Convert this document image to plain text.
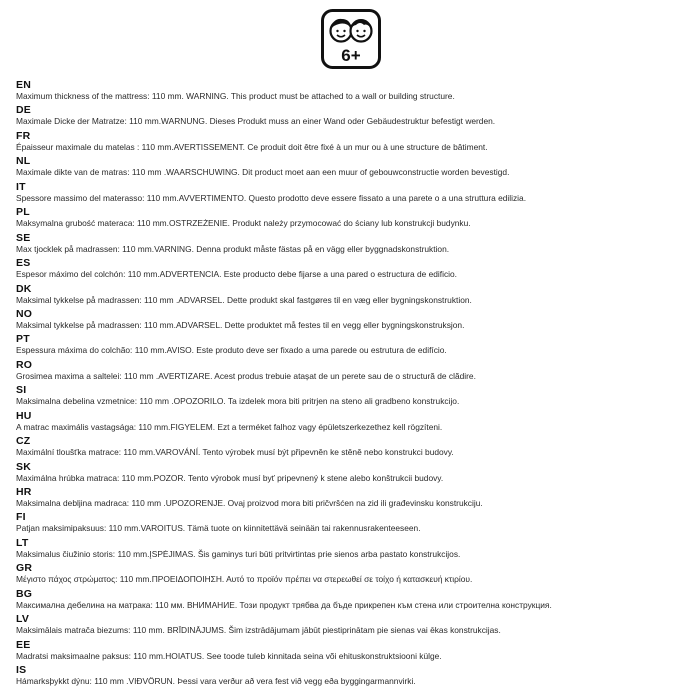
6+
EN
Maximum thickness of the mattress: 110 mm. WARNING. This product must be attached to a wall or building structure.
DE
Maximale Dicke der Matratze: 110 mm.WARNUNG. Dieses Produkt muss an einer Wand oder Gebäudestruktur befestigt werden.
FR
Épaisseur maximale du matelas : 110 mm.AVERTISSEMENT. Ce produit doit être fixé à un mur ou à une structure de bâtiment.
NL
Maximale dikte van de matras: 110 mm .WAARSCHUWING. Dit product moet aan een muur of gebouwconstructie worden bevestigd.
IT
Spessore massimo del materasso: 110 mm.AVVERTIMENTO. Questo prodotto deve essere fissato a una parete o a una struttura edilizia.
PL
Maksymalna grubość materaca: 110 mm.OSTRZEŻENIE. Produkt należy przymocować do ściany lub konstrukcji budynku.
SE
Max tjocklek på madrassen: 110 mm.VARNING. Denna produkt måste fästas på en vägg eller byggnadskonstruktion.
ES
Espesor máximo del colchón: 110 mm.ADVERTENCIA. Este producto debe fijarse a una pared o estructura de edificio.
DK
Maksimal tykkelse på madrassen: 110 mm .ADVARSEL. Dette produkt skal fastgøres til en væg eller bygningskonstruktion.
NO
Maksimal tykkelse på madrassen: 110 mm.ADVARSEL. Dette produktet må festes til en vegg eller bygningskonstruksjon.
PT
Espessura máxima do colchão: 110 mm.AVISO. Este produto deve ser fixado a uma parede ou estrutura de edifício.
RO
Grosimea maxima a saltelei: 110 mm .AVERTIZARE. Acest produs trebuie atașat de un perete sau de o structură de clădire.
SI
Maksimalna debelina vzmetnice: 110 mm .OPOZORILO. Ta izdelek mora biti pritrjen na steno ali gradbeno konstrukcijo.
HU
A matrac maximális vastagsága: 110 mm.FIGYELEM. Ezt a terméket falhoz vagy épületszerkezethez kell rögzíteni.
CZ
Maximální tloušťka matrace: 110 mm.VAROVÁNÍ. Tento výrobek musí být připevněn ke stěně nebo konstrukci budovy.
SK
Maximálna hrúbka matraca: 110 mm.POZOR. Tento výrobok musí byť pripevnený k stene alebo konštrukcii budovy.
HR
Maksimalna debljina madraca: 110 mm .UPOZORENJE. Ovaj proizvod mora biti pričvršćen na zid ili građevinsku konstrukciju.
FI
Patjan maksimipaksuus: 110 mm.VAROITUS. Tämä tuote on kiinnitettävä seinään tai rakennusrakenteeseen.
LT
Maksimalus čiužinio storis: 110 mm.ĮSPĖJIMAS. Šis gaminys turi būti pritvirtintas prie sienos arba pastato konstrukcijos.
GR
Μέγιστο πάχος στρώματος: 110 mm.ΠΡΟΕΙΔΟΠΟΙΗΣΗ. Αυτό το προϊόν πρέπει να στερεωθεί σε τοίχο ή κατασκευή κτιρίου.
BG
Максимална дебелина на матрака: 110 мм. ВНИМАНИЕ. Този продукт трябва да бъде прикрепен към стена или строителна конструкция.
LV
Maksimālais matrača biezums: 110 mm. BRĪDINĀJUMS. Šim izstrādājumam jābūt piestiprinātam pie sienas vai ēkas konstrukcijas.
EE
Madratsi maksimaalne paksus: 110 mm.HOIATUS. See toode tuleb kinnitada seina või ehituskonstruktsiooni külge.
IS
Hámarksþykkt dýnu: 110 mm .VIÐVÖRUN. Þessi vara verður að vera fest við vegg eða byggingarmannvirki.
